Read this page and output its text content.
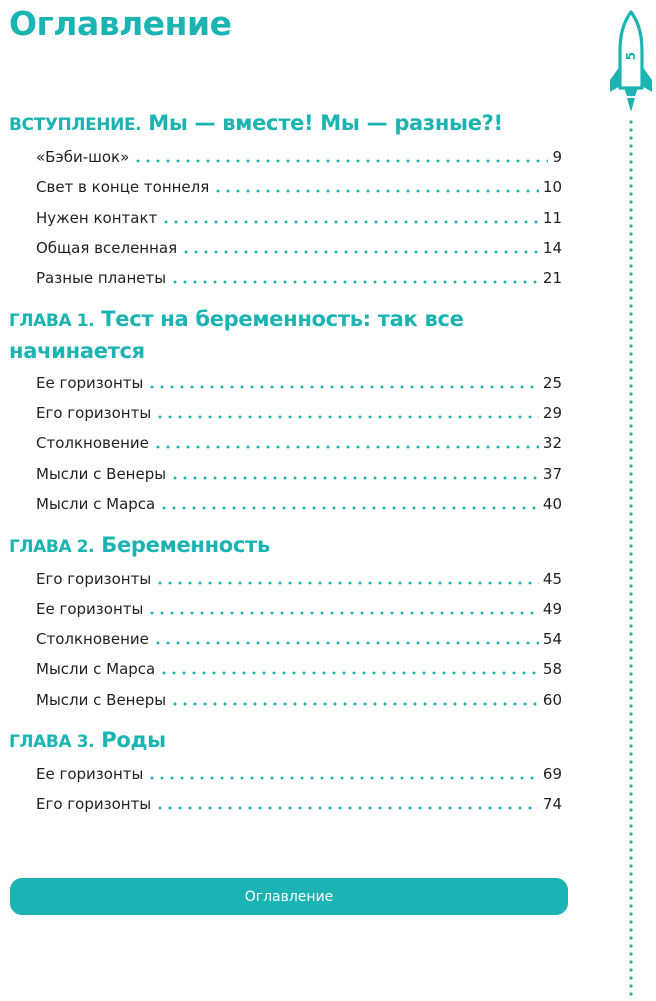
Оглавление
ВСТУПЛЕНИЕ. Мы — вместе! Мы — разные?!
«Бэби-шок»	9
Свет в конце тоннеля	10
Нужен контакт	11
Общая вселенная	14
Разные планеты	21
ГЛАВА 1. Тест на беременность: так все
начинается
Ее горизонты	25
Его горизонты	29
Столкновение	32
Мысли с Венеры	37
Мысли с Марса	40
ГЛАВА 2. Беременность
Его горизонты	45
Ее горизонты	49
Столкновение	54
Мысли с Марса	58
Мысли с Венеры	60
ГЛАВА 3. Роды
Ее горизонты	69
Его горизонты	74
Оглавление
5
